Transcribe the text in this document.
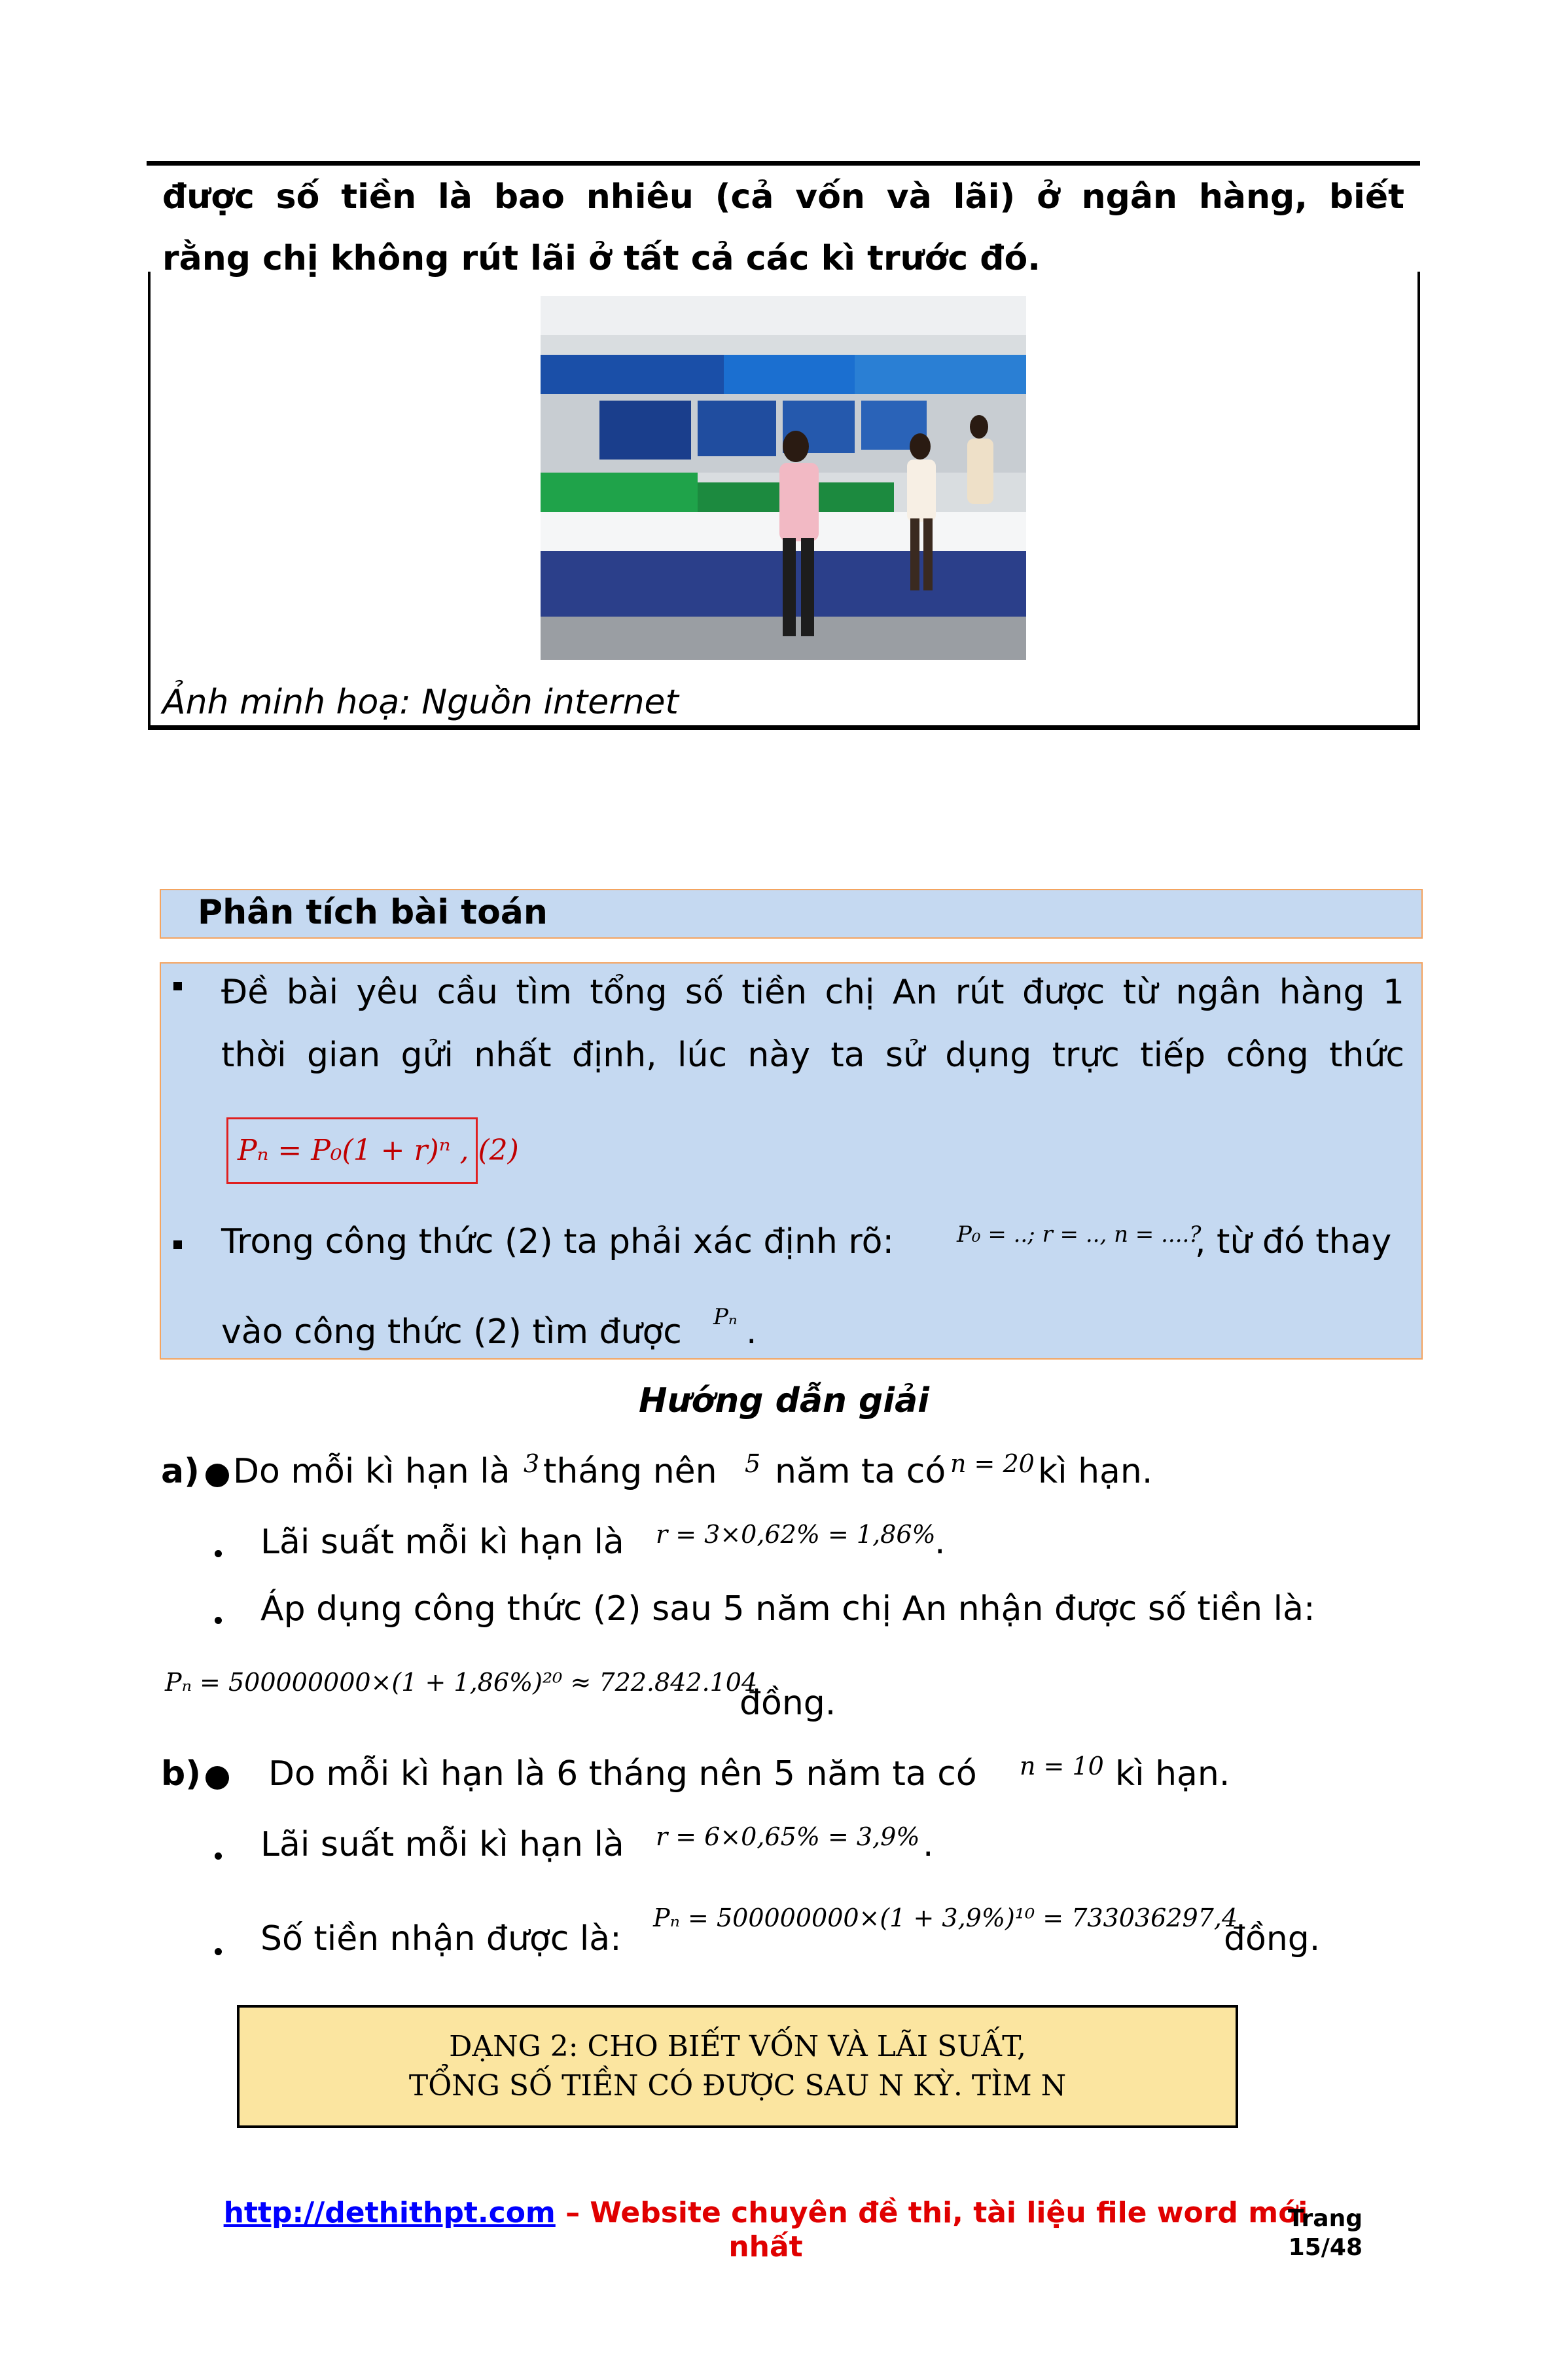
được số tiền là bao nhiêu (cả vốn và lãi) ở ngân hàng, biết
rằng chị không rút lãi ở tất cả các kì trước đó.
Ảnh minh hoạ: Nguồn internet
Phân tích bài toán
Đề bài yêu cầu tìm tổng số tiền chị An rút được từ ngân hàng 1
thời gian gửi nhất định, lúc này ta sử dụng trực tiếp công thức
Pₙ = P₀(1 + r)ⁿ , (2)
Trong công thức (2) ta phải xác định rõ:	P₀ = ..; r = .., n = ....?
, từ đó thay
vào công thức (2) tìm được Pₙ .
Hướng dẫn giải
a) Do mỗi kì hạn là 3 tháng nên 5 năm ta có n = 20 kì hạn.
Lãi suất mỗi kì hạn là r = 3×0,62% = 1,86%
.
Áp dụng công thức (2) sau 5 năm chị An nhận được số tiền là:
Pₙ = 500000000×(1 + 1,86%)²⁰ ≈ 722.842.104
đồng.
b) Do mỗi kì hạn là 6 tháng nên 5 năm ta có n = 10 kì hạn.
Lãi suất mỗi kì hạn là r = 6×0,65% = 3,9% .
Số tiền nhận được là:
Pₙ = 500000000×(1 + 3,9%)¹⁰ = 733036297,4
đồng.
DẠNG 2: CHO BIẾT VỐN VÀ LÃI SUẤT,
TỔNG SỐ TIỀN CÓ ĐƯỢC SAU N KỲ. TÌM N
http://dethithpt.com – Website chuyên đề thi, tài liệu file word mới
nhất
Trang
15/48
